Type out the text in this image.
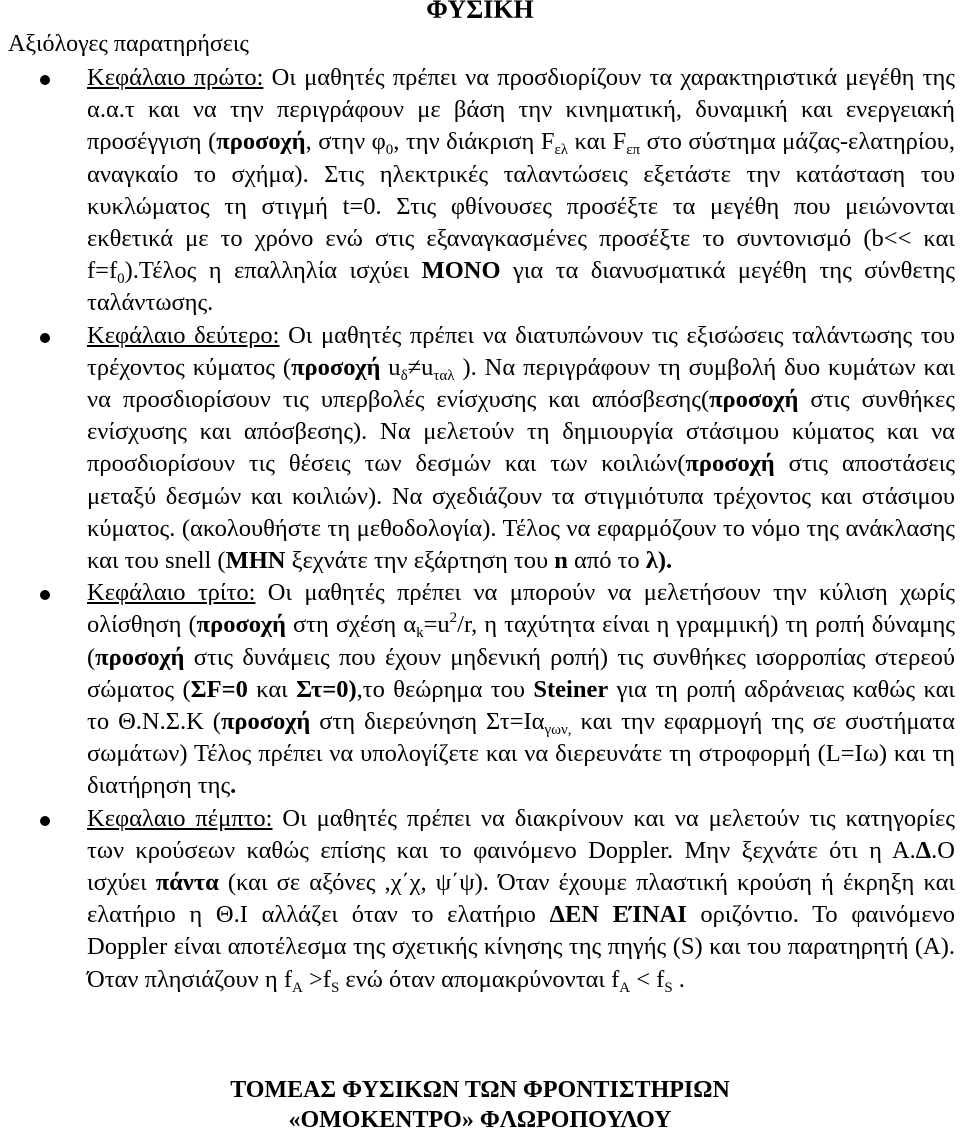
ΦΥΣΙΚΗ
Αξιόλογες παρατηρήσεις
Κεφάλαιο πρώτο: Οι μαθητές πρέπει να προσδιορίζουν τα χαρακτηριστικά μεγέθη της α.α.τ και να την περιγράφουν με βάση την κινηματική, δυναμική και ενεργειακή προσέγγιση (προσοχή, στην $\varphi_0$, την διάκριση $F_{\varepsilon\lambda}$ και $F_{\varepsilon\pi}$ στο σύστημα μάζας-ελατηρίου, αναγκαίο το σχήμα). Στις ηλεκτρικές ταλαντώσεις εξετάστε την κατάσταση του κυκλώματος τη στιγμή t=0. Στις φθίνουσες προσέξτε τα μεγέθη που μειώνονται εκθετικά με το χρόνο ενώ στις εξαναγκασμένες προσέξτε το συντονισμό (b<< και $f=f_0).Tέ\lambda o\varsigma$ η επαλληλία ισχύει ΜΟΝΟ για τα διανυσματικά μεγέθη της σύνθετης ταλάντωσης.
Κεφάλαιο δεύτερο: Οι μαθητές πρέπει να διατυπώνουν τις εξισώσεις ταλάντωσης του τρέχοντος κύματος (προσοχή $u_\delta\ne u_{\tau\alpha\lambda}$ ). Να περιγράφουν τη συμβολή δυο κυμάτων και να προσδιορίσουν τις υπερβολές ενίσχυσης και απόσβεσης(προσοχή στις συνθήκες ενίσχυσης και απόσβεσης). Να μελετούν τη δημιουργία στάσιμου κύματος και να προσδιορίσουν τις θέσεις των δεσμών και των κοιλιών(προσοχή στις αποστάσεις μεταξύ δεσμών και κοιλιών). Να σχεδιάζουν τα στιγμιότυπα τρέχοντος και στάσιμου κύματος. (ακολουθήστε τη μεθοδολογία). Τέλος να εφαρμόζουν το νόμο της ανάκλασης και του snell (ΜΗΝ ξεχνάτε την εξάρτηση του n από το λ).
Κεφάλαιο τρίτο: Οι μαθητές πρέπει να μπορούν να μελετήσουν την κύλιση χωρίς ολίσθηση (προσοχή στη σχέση $\alpha_k=u^2/r$, η ταχύτητα είναι η γραμμική) τη ροπή δύναμης (προσοχή στις δυνάμεις που έχουν μηδενική ροπή) τις συνθήκες ισορροπίας στερεού σώματος (ΣF=0 και Στ=0),το θεώρημα του Steiner για τη ροπή αδράνειας καθώς και το Θ.Ν.Σ.Κ (προσοχή στη διερεύνηση $\Sigma\tau=I\alpha_{\gamma\omega\nu,}$ και την εφαρμογή της σε συστήματα σωμάτων) Τέλος πρέπει να υπολογίζετε και να διερευνάτε τη στροφορμή (L=Iω) και τη διατήρηση της.
Κεφαλαιο πέμπτο: Οι μαθητές πρέπει να διακρίνουν και να μελετούν τις κατηγορίες των κρούσεων καθώς επίσης και το φαινόμενο Doppler. Μην ξεχνάτε ότι η Α.Δ.Ο ισχύει πάντα (και σε αξόνες ,χ΄χ, ψ΄ψ). Όταν έχουμε πλαστική κρούση ή έκρηξη και ελατήριο η Θ.Ι αλλάζει όταν το ελατήριο ΔΕΝ ΕΊΝΑΙ οριζόντιο. Το φαινόμενο Doppler είναι αποτέλεσμα της σχετικής κίνησης της πηγής (S) και του παρατηρητή (A). Όταν πλησιάζουν η $f_A >f_S$ ενώ όταν απομακρύνονται $f_A < f_S$ .
ΤΟΜΕΑΣ ΦΥΣΙΚΩΝ ΤΩΝ ΦΡΟΝΤΙΣΤΗΡΙΩΝ
«ΟΜΟΚΕΝΤΡΟ» ΦΛΩΡΟΠΟΥΛΟΥ
